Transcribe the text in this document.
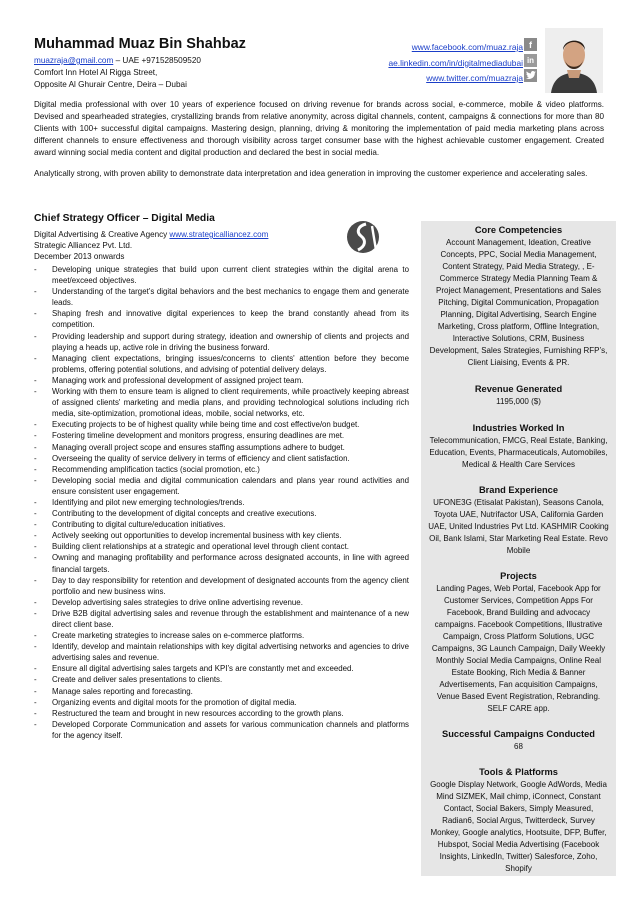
Muhammad Muaz Bin Shahbaz
muazraja@gmail.com – UAE +971528509520
Comfort Inn Hotel Al Rigga Street,
Opposite Al Ghurair Centre, Deira – Dubai
www.facebook.com/muaz.raja
ae.linkedin.com/in/digitalmediadubai
www.twitter.com/muazraja
f
in

Digital media professional with over 10 years of experience focused on driving revenue for brands across social, e-commerce, mobile & video platforms. Devised and spearheaded strategies, crystallizing brands from relative anonymity, across digital channels, content, campaigns & connections for more than 80 Clients with 100+ successful digital campaigns. Mastering design, planning, driving & monitoring the implementation of paid media marketing plans across different channels to ensure effectiveness and thorough visibility across target consumer base with the highest achievable customer engagement. Created award winning social media content and digital production and declared the best in social media.

Analytically strong, with proven ability to demonstrate data interpretation and idea generation in improving the customer experience and accelerating sales.

Chief Strategy Officer – Digital Media
Digital Advertising & Creative Agency www.strategicalliancez.com
Strategic Alliancez Pvt. Ltd.
December 2013 onwards
- Developing unique strategies that build upon current client strategies within the digital arena to meet/exceed objectives.
- Understanding of the target’s digital behaviors and the best mechanics to engage them and generate leads.
- Shaping fresh and innovative digital experiences to keep the brand constantly ahead from its competition.
- Providing leadership and support during strategy, ideation and ownership of clients and projects and playing a heads up, active role in driving the business forward.
- Managing client expectations, bringing issues/concerns to clients' attention before they become problems, offering potential solutions, and advising of potential delivery delays.
- Managing work and professional development of assigned project team.
- Working with them to ensure team is aligned to client requirements, while proactively keeping abreast of assigned clients' marketing and media plans, and providing technological solutions including rich media, site-optimization, promotional ideas, mobile, social networks, etc.
- Executing projects to be of highest quality while being time and cost effective/on budget.
- Fostering timeline development and monitors progress, ensuring deadlines are met.
- Managing overall project scope and ensures staffing assumptions adhere to budget.
- Overseeing the quality of service delivery in terms of efficiency and client satisfaction.
- Recommending amplification tactics (social promotion, etc.)
- Developing social media and digital communication calendars and plans year round activities and ensure consistent user engagement.
- Identifying and pilot new emerging technologies/trends.
- Contributing to the development of digital concepts and creative executions.
- Contributing to digital culture/education initiatives.
- Actively seeking out opportunities to develop incremental business with key clients.
- Building client relationships at a strategic and operational level through client contact.
- Owning and managing profitability and performance across designated accounts, in line with agreed financial targets.
- Day to day responsibility for retention and development of designated accounts from the agency client portfolio and new business wins.
- Develop advertising sales strategies to drive online advertising revenue.
- Drive B2B digital advertising sales and revenue through the establishment and maintenance of a new direct client base.
- Create marketing strategies to increase sales on e-commerce platforms.
- Identify, develop and maintain relationships with key digital advertising networks and agencies to drive advertising sales and revenue.
- Ensure all digital advertising sales targets and KPI’s are constantly met and exceeded.
- Create and deliver sales presentations to clients.
- Manage sales reporting and forecasting.
- Organizing events and digital moots for the promotion of digital media.
- Restructured the team and brought in new resources according to the growth plans.
- Developed Corporate Communication and assets for various communication channels and platforms for the agency itself.
Core Competencies

Account Management, Ideation, Creative Concepts, PPC, Social Media Management, Content Strategy, Paid Media Strategy, , E-Commerce Strategy Media Planning Team & Project Management, Presentations and Sales Pitching, Digital Communication, Propagation Planning, Digital Advertising, Search Engine Marketing, Cross platform, Offline Integration, Interactive Solutions, CRM, Business Development, Sales Strategies, Furnishing RFP’s, Client Liaising, Events & PR.

Revenue Generated

1195,000 ($)

Industries Worked In

Telecommunication, FMCG, Real Estate, Banking, Education, Events, Pharmaceuticals, Automobiles, Medical & Health Care Services

Brand Experience

UFONE3G (Etisalat Pakistan), Seasons Canola, Toyota UAE, Nutrifactor USA, California Garden UAE, United Industries Pvt Ltd. KASHMIR Cooking Oil, Bank Islami, Star Marketing Real Estate. Revo Mobile

Projects

Landing Pages, Web Portal, Facebook App for Customer Services, Competition Apps For Facebook, Brand Building and advocacy campaigns. Facebook Competitions, Illustrative Campaign, Cross Platform Solutions, UGC Campaigns, 3G Launch Campaign, Daily Weekly Monthly Social Media Campaigns, Online Real Estate Booking, Rich Media & Banner Advertisements, Fan acquisition Campaigns, Venue Based Event Registration, Rebranding. SELF CARE app.

Successful Campaigns Conducted

68

Tools & Platforms

Google Display Network, Google AdWords, Media Mind SIZMEK, Mail chimp, iConnect, Constant Contact, Social Bakers, Simply Measured, Radian6, Social Argus, Twitterdeck, Survey Monkey, Google analytics, Hootsuite, DFP, Buffer, Hubspot, Social Media Advertising (Facebook Insights, LinkedIn, Twitter) Salesforce, Zoho, Shopify
